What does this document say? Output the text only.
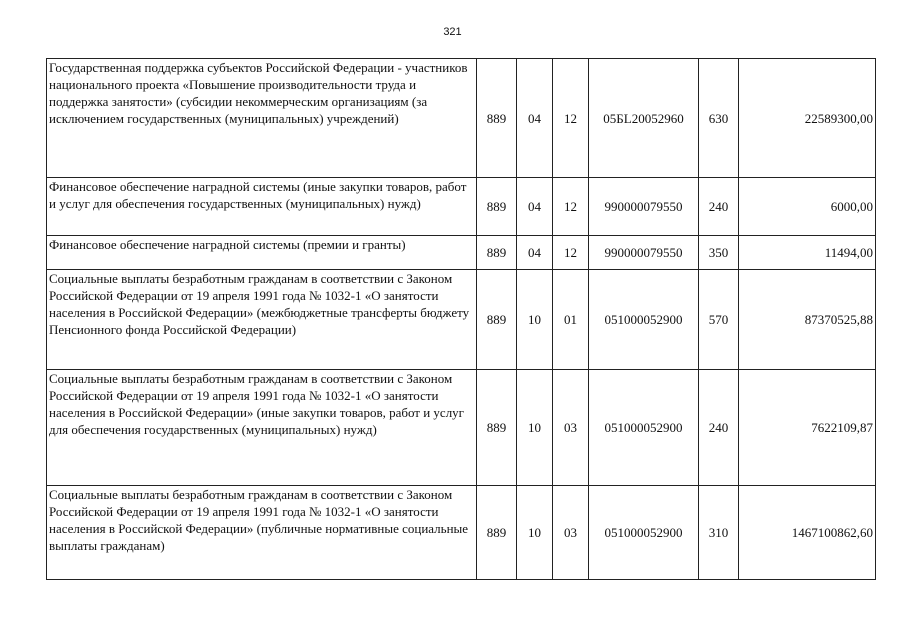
321
Государственная поддержка субъектов Российской Федерации - участников национального проекта «Повышение производительности труда и поддержка занятости» (субсидии некоммерческим организациям (за исключением государственных (муниципальных) учреждений)	889	04	12	05БL20052960	630	22589300,00
Финансовое обеспечение наградной системы (иные закупки товаров, работ и услуг для обеспечения государственных (муниципальных) нужд)	889	04	12	990000079550	240	6000,00
Финансовое обеспечение наградной системы (премии и гранты)	889	04	12	990000079550	350	11494,00
Социальные выплаты безработным гражданам в соответствии с Законом Российской Федерации от 19 апреля 1991 года № 1032-1 «О занятости населения в Российской Федерации» (межбюджетные трансферты бюджету Пенсионного фонда Российской Федерации)	889	10	01	051000052900	570	87370525,88
Социальные выплаты безработным гражданам в соответствии с Законом Российской Федерации от 19 апреля 1991 года № 1032-1 «О занятости населения в Российской Федерации» (иные закупки товаров, работ и услуг для обеспечения государственных (муниципальных) нужд)	889	10	03	051000052900	240	7622109,87
Социальные выплаты безработным гражданам в соответствии с Законом Российской Федерации от 19 апреля 1991 года № 1032-1 «О занятости населения в Российской Федерации» (публичные нормативные социальные выплаты гражданам)	889	10	03	051000052900	310	1467100862,60
